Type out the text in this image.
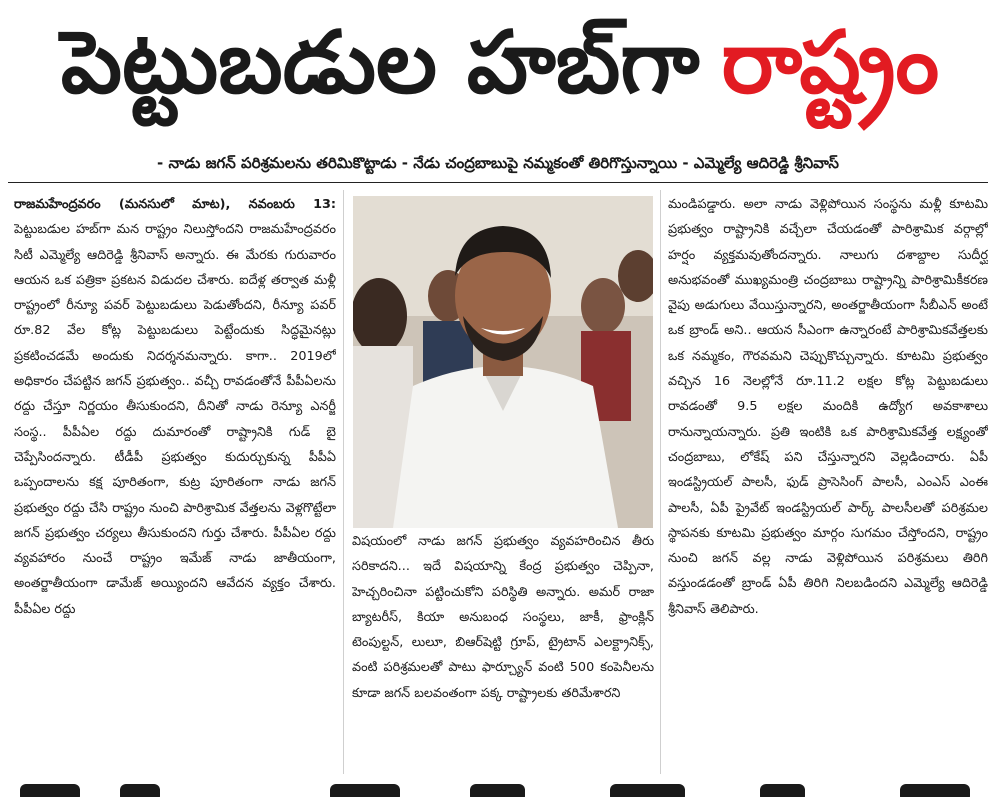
పెట్టుబడుల హబ్‌గా రాష్ట్రం
- నాడు జగన్ పరిశ్రమలను తరిమికొట్టాడు - నేడు చంద్రబాబుపై నమ్మకంతో తిరిగొస్తున్నాయి - ఎమ్మెల్యే ఆదిరెడ్డి శ్రీనివాస్

రాజమహేంద్రవరం (మనసులో మాట), నవంబరు 13: పెట్టుబడుల హబ్‌గా మన రాష్ట్రం నిలుస్తోందని రాజమహేంద్రవరం సిటీ ఎమ్మెల్యే ఆదిరెడ్డి శ్రీనివాస్ అన్నారు. ఈ మేరకు గురువారం ఆయన ఒక పత్రికా ప్రకటన విడుదల చేశారు. ఐదేళ్ల తర్వాత మళ్లీ రాష్ట్రంలో రీన్యూ పవర్ పెట్టుబడులు పెడుతోందని, రీన్యూ పవర్ రూ.82 వేల కోట్ల పెట్టుబడులు పెట్టేందుకు సిద్ధమైనట్లు ప్రకటించడమే అందుకు నిదర్శనమన్నారు. కాగా.. 2019లో అధికారం చేపట్టిన జగన్ ప్రభుత్వం.. వచ్చీ రావడంతోనే పీపీఏలను రద్దు చేస్తూ నిర్ణయం తీసుకుందని, దీనితో నాడు రెన్యూ ఎనర్జీ సంస్థ.. పీపీఏల రద్దు దుమారంతో రాష్ట్రానికి గుడ్ బై చెప్పేసిందన్నారు. టీడీపీ ప్రభుత్వం కుదుర్చుకున్న పీపీఏ ఒప్పందాలను కక్ష పూరితంగా, కుట్ర పూరితంగా నాడు జగన్ ప్రభుత్వం రద్దు చేసి రాష్ట్రం నుంచి పారిశ్రామిక వేత్తలను వెళ్లగొట్టేలా జగన్ ప్రభుత్వం చర్యలు తీసుకుందని గుర్తు చేశారు. పీపీఏల రద్దు వ్యవహారం నుంచే రాష్ట్రం ఇమేజ్ నాడు జాతీయంగా, అంతర్జాతీయంగా డామేజ్ అయ్యిందని ఆవేదన వ్యక్తం చేశారు. పీపీఏల రద్దు

విషయంలో నాడు జగన్ ప్రభుత్వం వ్యవహరించిన తీరు సరికాదని... ఇదే విషయాన్ని కేంద్ర ప్రభుత్వం చెప్పినా, హెచ్చరించినా పట్టించుకోని పరిస్థితి అన్నారు. అమర్ రాజా బ్యాటరీస్, కియా అనుబంధ సంస్థలు, జాకీ, ఫ్రాంక్లిన్ టెంపుల్టన్, లులూ, బిఆర్‌షెట్టి గ్రూప్, ట్రైటాన్ ఎలక్ట్రానిక్స్, వంటి పరిశ్రమలతో పాటు ఫార్చ్యూన్ వంటి 500 కంపెనీలను కూడా జగన్ బలవంతంగా పక్క రాష్ట్రాలకు తరిమేశారని

మండిపడ్డారు. అలా నాడు వెళ్లిపోయిన సంస్థను మళ్లీ కూటమి ప్రభుత్వం రాష్ట్రానికి వచ్చేలా చేయడంతో పారిశ్రామిక వర్గాల్లో హర్షం వ్యక్తమవుతోందన్నారు. నాలుగు దశాబ్దాల సుదీర్ఘ అనుభవంతో ముఖ్యమంత్రి చంద్రబాబు రాష్ట్రాన్ని పారిశ్రామికీకరణ వైపు అడుగులు వేయిస్తున్నారని, అంతర్జాతీయంగా సీబీఎన్ అంటే ఒక బ్రాండ్ అని.. ఆయన సీఎంగా ఉన్నారంటే పారిశ్రామికవేత్తలకు ఒక నమ్మకం, గౌరవమని చెప్పుకొచ్చున్నారు. కూటమి ప్రభుత్వం వచ్చిన 16 నెలల్లోనే రూ.11.2 లక్షల కోట్ల పెట్టుబడులు రావడంతో 9.5 లక్షల మందికి ఉద్యోగ అవకాశాలు రానున్నాయన్నారు. ప్రతి ఇంటికి ఒక పారిశ్రామికవేత్త లక్ష్యంతో చంద్రబాబు, లోకేష్ పని చేస్తున్నారని వెల్లడించారు. ఏపీ ఇండస్ట్రియల్ పాలసీ, ఫుడ్ ప్రాసెసింగ్ పాలసీ, ఎంఎస్ ఎంఈ పాలసీ, ఏపీ ప్రైవేట్ ఇండస్ట్రియల్ పార్క్ పాలసీలతో పరిశ్రమల స్థాపనకు కూటమి ప్రభుత్వం మార్గం సుగమం చేస్తోందని, రాష్ట్రం నుంచి జగన్ వల్ల నాడు వెళ్లిపోయిన పరిశ్రమలు తిరిగి వస్తుండడంతో బ్రాండ్ ఏపీ తిరిగి నిలబడిందని ఎమ్మెల్యే ఆదిరెడ్డి శ్రీనివాస్ తెలిపారు.
